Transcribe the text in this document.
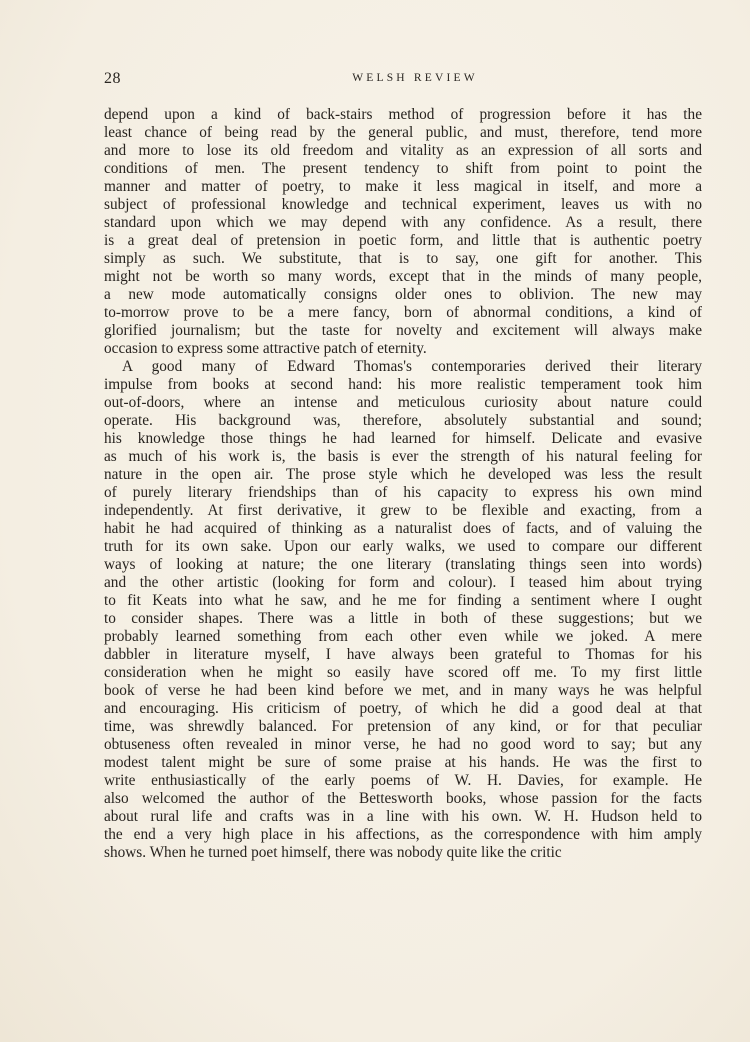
28	WELSH REVIEW
depend upon a kind of back-stairs method of progression before it has the
least chance of being read by the general public, and must, therefore, tend more
and more to lose its old freedom and vitality as an expression of all sorts and
conditions of men. The present tendency to shift from point to point the
manner and matter of poetry, to make it less magical in itself, and more a
subject of professional knowledge and technical experiment, leaves us with no
standard upon which we may depend with any confidence. As a result, there
is a great deal of pretension in poetic form, and little that is authentic poetry
simply as such. We substitute, that is to say, one gift for another. This
might not be worth so many words, except that in the minds of many people,
a new mode automatically consigns older ones to oblivion. The new may
to-morrow prove to be a mere fancy, born of abnormal conditions, a kind of
glorified journalism; but the taste for novelty and excitement will always make
occasion to express some attractive patch of eternity.
A good many of Edward Thomas's contemporaries derived their literary
impulse from books at second hand: his more realistic temperament took him
out-of-doors, where an intense and meticulous curiosity about nature could
operate. His background was, therefore, absolutely substantial and sound;
his knowledge those things he had learned for himself. Delicate and evasive
as much of his work is, the basis is ever the strength of his natural feeling for
nature in the open air. The prose style which he developed was less the result
of purely literary friendships than of his capacity to express his own mind
independently. At first derivative, it grew to be flexible and exacting, from a
habit he had acquired of thinking as a naturalist does of facts, and of valuing the
truth for its own sake. Upon our early walks, we used to compare our different
ways of looking at nature; the one literary (translating things seen into words)
and the other artistic (looking for form and colour). I teased him about trying
to fit Keats into what he saw, and he me for finding a sentiment where I ought
to consider shapes. There was a little in both of these suggestions; but we
probably learned something from each other even while we joked. A mere
dabbler in literature myself, I have always been grateful to Thomas for his
consideration when he might so easily have scored off me. To my first little
book of verse he had been kind before we met, and in many ways he was helpful
and encouraging. His criticism of poetry, of which he did a good deal at that
time, was shrewdly balanced. For pretension of any kind, or for that peculiar
obtuseness often revealed in minor verse, he had no good word to say; but any
modest talent might be sure of some praise at his hands. He was the first to
write enthusiastically of the early poems of W. H. Davies, for example. He
also welcomed the author of the Bettesworth books, whose passion for the facts
about rural life and crafts was in a line with his own. W. H. Hudson held to
the end a very high place in his affections, as the correspondence with him amply
shows. When he turned poet himself, there was nobody quite like the critic
